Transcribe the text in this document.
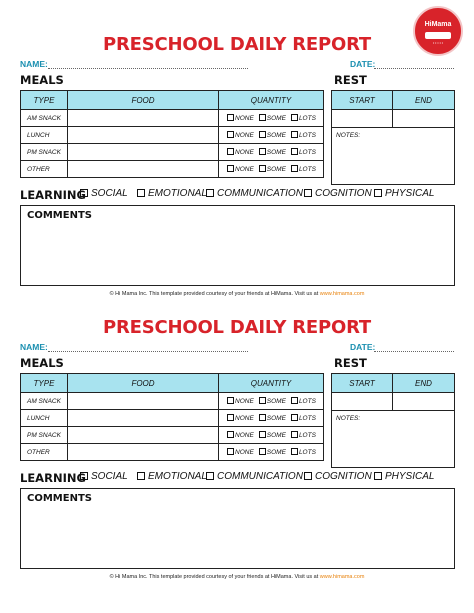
HiMama
• • • • •
PRESCHOOL DAILY REPORT
NAME:	DATE:
MEALS	REST
TYPE	FOOD	QUANTITY
AM SNACK		NONE SOME LOTS
LUNCH		NONE SOME LOTS
PM SNACK		NONE SOME LOTS
OTHER		NONE SOME LOTS
START	END

NOTES:	
LEARNING SOCIAL	EMOTIONAL	COMMUNICATION	COGNITION	PHYSICAL
COMMENTS
© Hi Mama Inc. This template provided courtesy of your friends at HiMama. Visit us at www.himama.com
PRESCHOOL DAILY REPORT
NAME:	DATE:
MEALS	REST
TYPE	FOOD	QUANTITY
AM SNACK		NONE SOME LOTS
LUNCH		NONE SOME LOTS
PM SNACK		NONE SOME LOTS
OTHER		NONE SOME LOTS
START	END

NOTES:	
LEARNING SOCIAL	EMOTIONAL	COMMUNICATION	COGNITION	PHYSICAL
COMMENTS
© Hi Mama Inc. This template provided courtesy of your friends at HiMama. Visit us at www.himama.com
